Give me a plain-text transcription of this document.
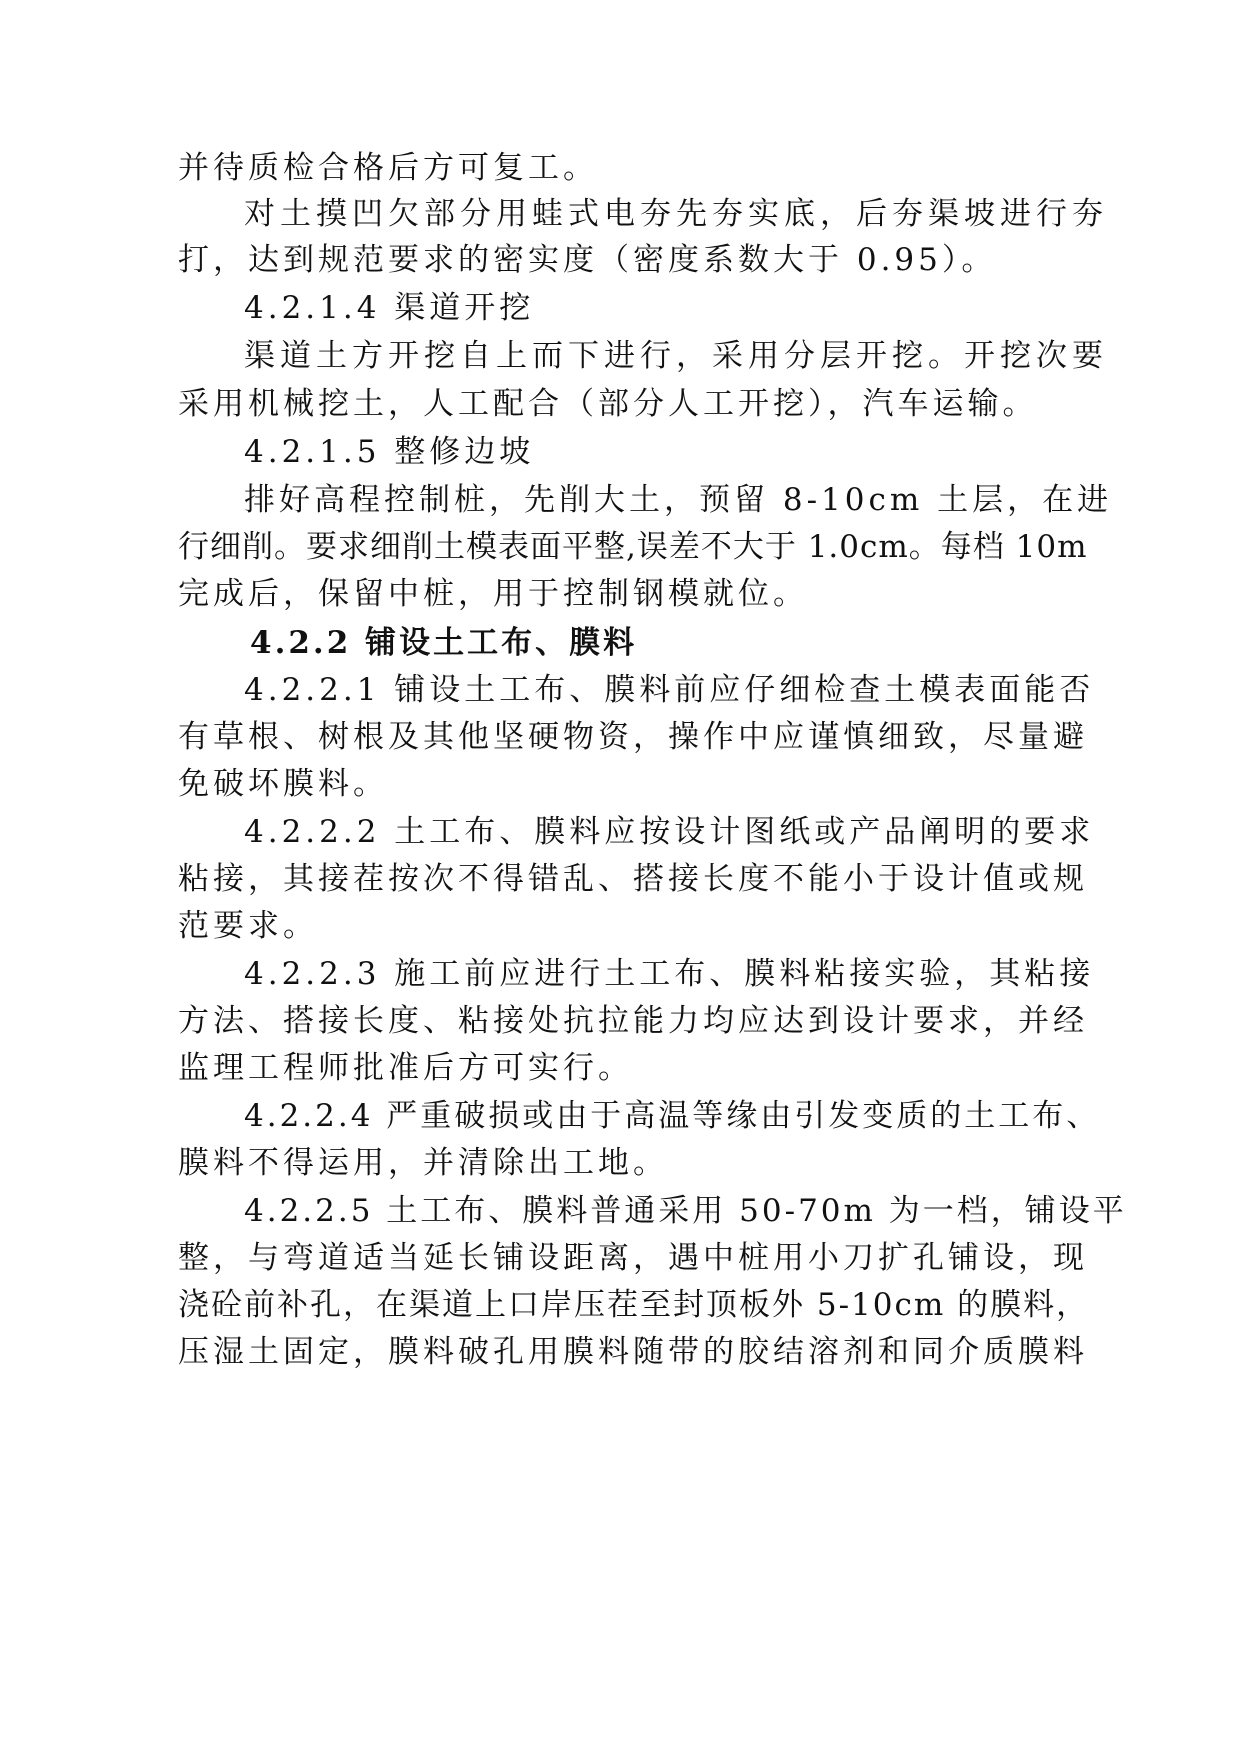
并待质检合格后方可复工。
对土摸凹欠部分用蛙式电夯先夯实底，后夯渠坡进行夯
打，达到规范要求的密实度（密度系数大于 0.95）。
4.2.1.4 渠道开挖
渠道土方开挖自上而下进行，采用分层开挖。开挖次要
采用机械挖土，人工配合（部分人工开挖），汽车运输。
4.2.1.5 整修边坡
排好高程控制桩，先削大土，预留 8-10cm 土层，在进
行细削。要求细削土模表面平整,误差不大于 1.0cm。每档 10m
完成后，保留中桩，用于控制钢模就位。
4.2.2 铺设土工布、膜料
4.2.2.1 铺设土工布、膜料前应仔细检查土模表面能否
有草根、树根及其他坚硬物资，操作中应谨慎细致，尽量避
免破坏膜料。
4.2.2.2 土工布、膜料应按设计图纸或产品阐明的要求
粘接，其接茬按次不得错乱、搭接长度不能小于设计值或规
范要求。
4.2.2.3 施工前应进行土工布、膜料粘接实验，其粘接
方法、搭接长度、粘接处抗拉能力均应达到设计要求，并经
监理工程师批准后方可实行。
4.2.2.4 严重破损或由于高温等缘由引发变质的土工布、
膜料不得运用，并清除出工地。
4.2.2.5 土工布、膜料普通采用 50-70m 为一档，铺设平
整，与弯道适当延长铺设距离，遇中桩用小刀扩孔铺设，现
浇砼前补孔，在渠道上口岸压茬至封顶板外 5-10cm 的膜料，
压湿土固定，膜料破孔用膜料随带的胶结溶剂和同介质膜料
